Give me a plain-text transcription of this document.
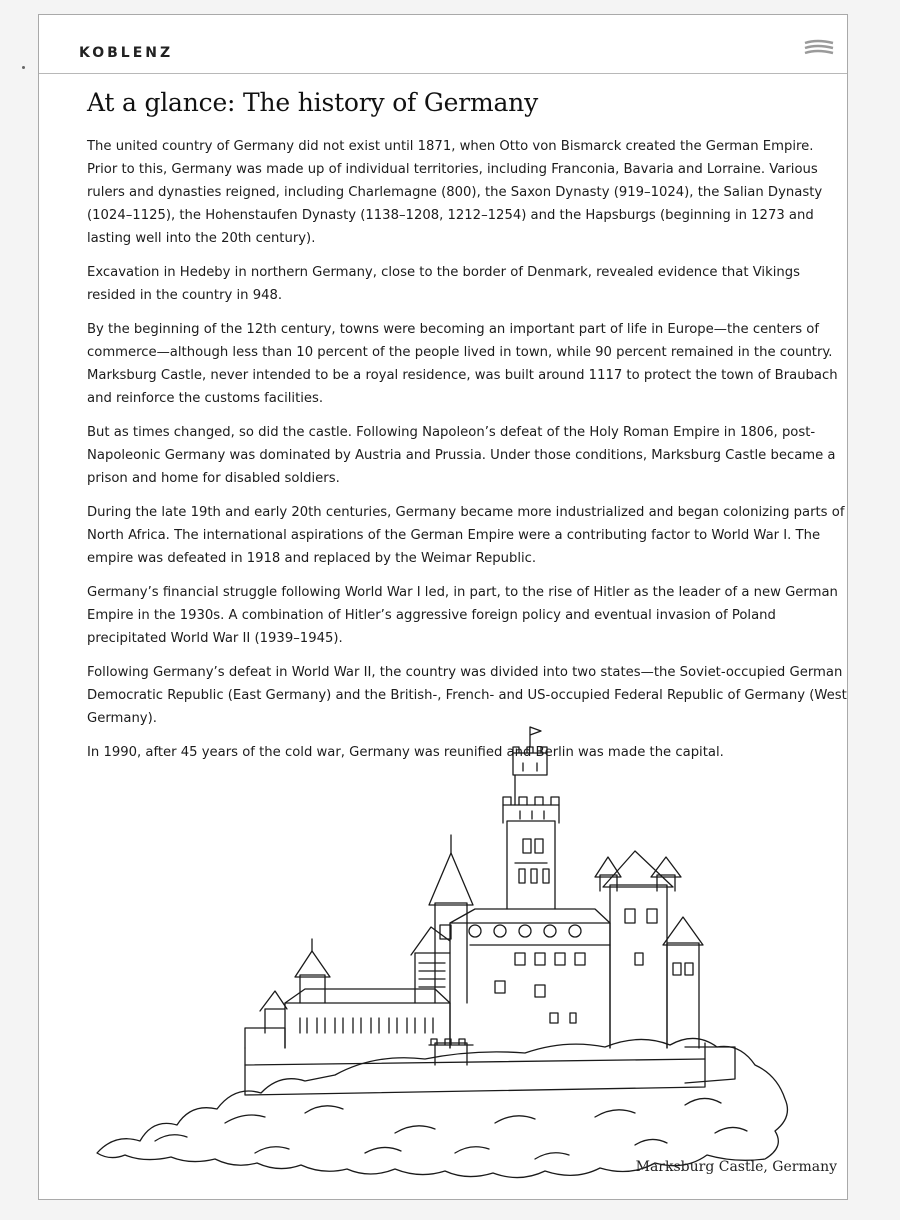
KOBLENZ
At a glance: The history of Germany

The united country of Germany did not exist until 1871, when Otto von Bismarck created the German Empire. Prior to this, Germany was made up of individual territories, including Franconia, Bavaria and Lorraine. Various rulers and dynasties reigned, including Charlemagne (800), the Saxon Dynasty (919–1024), the Salian Dynasty (1024–1125), the Hohenstaufen Dynasty (1138–1208, 1212–1254) and the Hapsburgs (beginning in 1273 and lasting well into the 20th century).

Excavation in Hedeby in northern Germany, close to the border of Denmark, revealed evidence that Vikings resided in the country in 948.

By the beginning of the 12th century, towns were becoming an important part of life in Europe—the centers of commerce—although less than 10 percent of the people lived in town, while 90 percent remained in the country. Marksburg Castle, never intended to be a royal residence, was built around 1117 to protect the town of Braubach and reinforce the customs facilities.

But as times changed, so did the castle. Following Napoleon’s defeat of the Holy Roman Empire in 1806, post-Napoleonic Germany was dominated by Austria and Prussia. Under those conditions, Marksburg Castle became a prison and home for disabled soldiers.

During the late 19th and early 20th centuries, Germany became more industrialized and began colonizing parts of North Africa. The international aspirations of the German Empire were a contributing factor to World War I. The empire was defeated in 1918 and replaced by the Weimar Republic.

Germany’s financial struggle following World War I led, in part, to the rise of Hitler as the leader of a new German Empire in the 1930s. A combination of Hitler’s aggressive foreign policy and eventual invasion of Poland precipitated World War II (1939–1945).

Following Germany’s defeat in World War II, the country was divided into two states—the Soviet-occupied German Democratic Republic (East Germany) and the British-, French- and US-occupied Federal Republic of Germany (West Germany).

In 1990, after 45 years of the cold war, Germany was reunified and Berlin was made the capital.

Marksburg Castle, Germany
